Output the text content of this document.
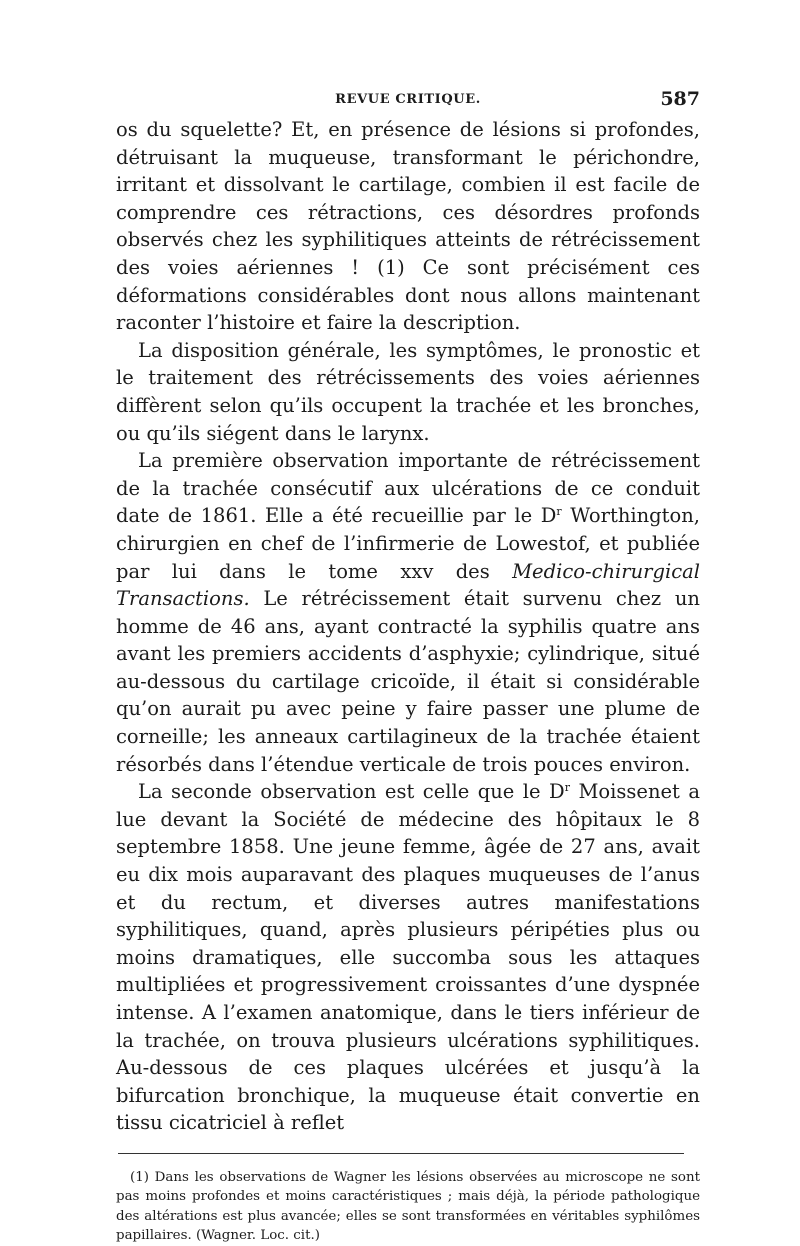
REVUE CRITIQUE.	587

os du squelette? Et, en présence de lésions si profondes, détruisant la muqueuse, transformant le périchondre, irritant et dissolvant le cartilage, combien il est facile de comprendre ces rétractions, ces désordres profonds observés chez les syphilitiques atteints de rétrécissement des voies aériennes ! (1) Ce sont précisément ces déformations considérables dont nous allons maintenant raconter l’histoire et faire la description.

La disposition générale, les symptômes, le pronostic et le traitement des rétrécissements des voies aériennes diffèrent selon qu’ils occupent la trachée et les bronches, ou qu’ils siégent dans le larynx.

La première observation importante de rétrécissement de la trachée consécutif aux ulcérations de ce conduit date de 1861. Elle a été recueillie par le $D^r$ Worthington, chirurgien en chef de l’infirmerie de Lowestof, et publiée par lui dans le tome xxv des Medico-chirurgical Transactions. Le rétrécissement était survenu chez un homme de 46 ans, ayant contracté la syphilis quatre ans avant les premiers accidents d’asphyxie; cylindrique, situé au-dessous du cartilage cricoïde, il était si considérable qu’on aurait pu avec peine y faire passer une plume de corneille; les anneaux cartilagineux de la trachée étaient résorbés dans l’étendue verticale de trois pouces environ.

La seconde observation est celle que le $D^r$ Moissenet a lue devant la Société de médecine des hôpitaux le 8 septembre 1858. Une jeune femme, âgée de 27 ans, avait eu dix mois auparavant des plaques muqueuses de l’anus et du rectum, et diverses autres manifestations syphilitiques, quand, après plusieurs péripéties plus ou moins dramatiques, elle succomba sous les attaques multipliées et progressivement croissantes d’une dyspnée intense. A l’examen anatomique, dans le tiers inférieur de la trachée, on trouva plusieurs ulcérations syphilitiques. Au-dessous de ces plaques ulcérées et jusqu’à la bifurcation bronchique, la muqueuse était convertie en tissu cicatriciel à reflet

(1) Dans les observations de Wagner les lésions observées au microscope ne sont pas moins profondes et moins caractéristiques ; mais déjà, la période pathologique des altérations est plus avancée; elles se sont transformées en véritables syphilômes papillaires. (Wagner. Loc. cit.)
